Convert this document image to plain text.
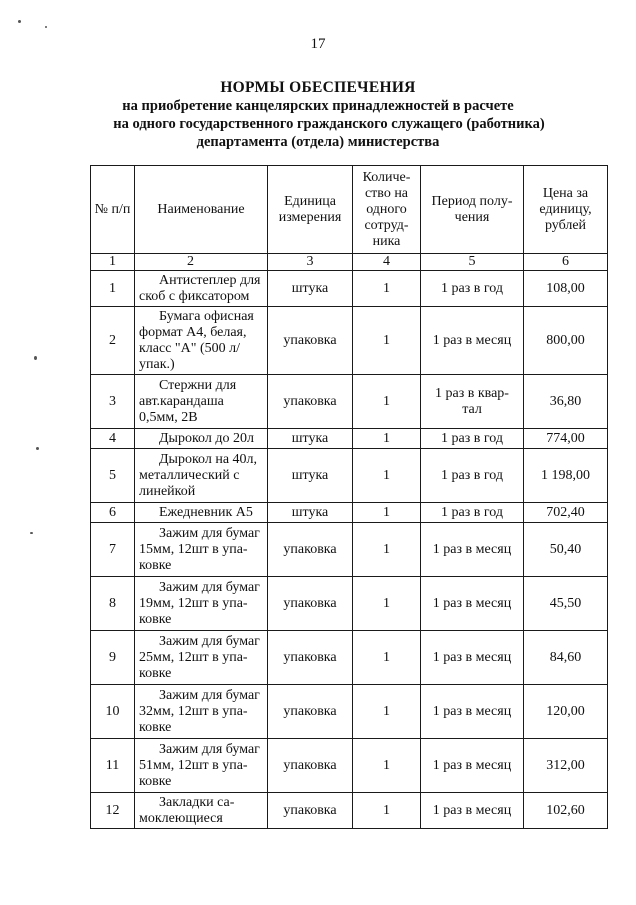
17
НОРМЫ ОБЕСПЕЧЕНИЯ
на приобретение канцелярских принадлежностей в расчете
на одного государственного гражданского служащего (работника)
департамента (отдела) министерства
№ п/п	Наименование	Единица измерения	Количе-ство на одного сотруд-ника	Период полу-чения	Цена за единицу, рублей
1	2	3	4	5	6
1	Антистеплер для скоб с фиксатором	штука	1	1 раз в год	108,00
2	Бумага офисная формат А4, белая, класс "А" (500 л/упак.)	упаковка	1	1 раз в месяц	800,00
3	Стержни для авт.карандаша 0,5мм, 2В	упаковка	1	1 раз в квар-тал	36,80
4	Дырокол до 20л	штука	1	1 раз в год	774,00
5	Дырокол на 40л, металлический с линейкой	штука	1	1 раз в год	1 198,00
6	Ежедневник А5	штука	1	1 раз в год	702,40
7	Зажим для бумаг 15мм, 12шт в упа-ковке	упаковка	1	1 раз в месяц	50,40
8	Зажим для бумаг 19мм, 12шт в упа-ковке	упаковка	1	1 раз в месяц	45,50
9	Зажим для бумаг 25мм, 12шт в упа-ковке	упаковка	1	1 раз в месяц	84,60
10	Зажим для бумаг 32мм, 12шт в упа-ковке	упаковка	1	1 раз в месяц	120,00
11	Зажим для бумаг 51мм, 12шт в упа-ковке	упаковка	1	1 раз в месяц	312,00
12	Закладки са- моклеющиеся	упаковка	1	1 раз в месяц	102,60
